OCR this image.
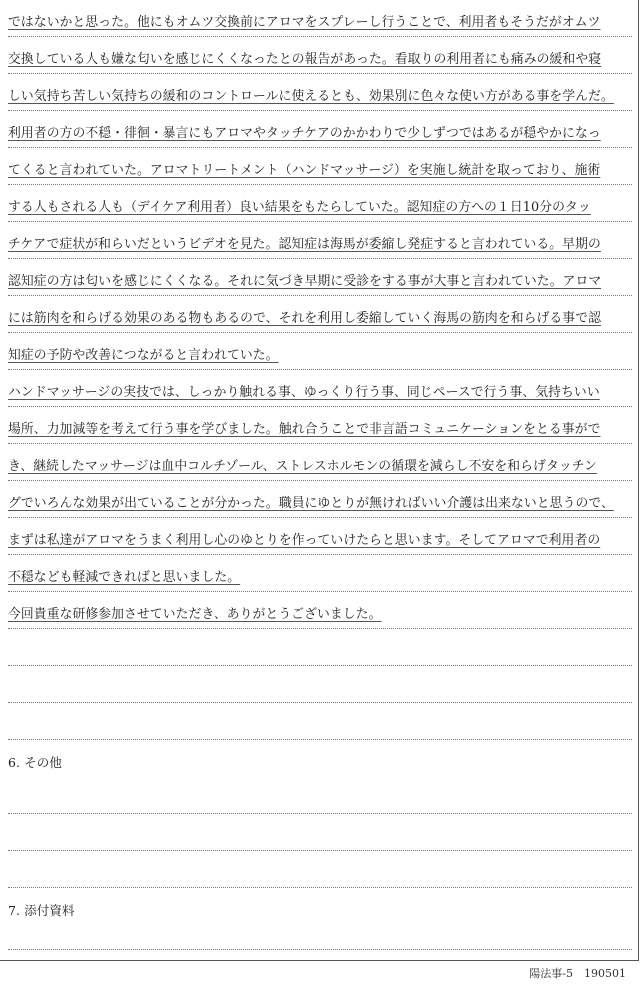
ではないかと思った。他にもオムツ交換前にアロマをスプレーし行うことで、利用者もそうだがオムツ
交換している人も嫌な匂いを感じにくくなったとの報告があった。看取りの利用者にも痛みの緩和や寝
しい気持ち苦しい気持ちの緩和のコントロールに使えるとも、効果別に色々な使い方がある事を学んだ。
利用者の方の不穏・徘徊・暴言にもアロマやタッチケアのかかわりで少しずつではあるが穏やかになっ
てくると言われていた。アロマトリートメント（ハンドマッサージ）を実施し統計を取っており、施術
する人もされる人も（デイケア利用者）良い結果をもたらしていた。認知症の方への１日10分のタッ
チケアで症状が和らいだというビデオを見た。認知症は海馬が委縮し発症すると言われている。早期の
認知症の方は匂いを感じにくくなる。それに気づき早期に受診をする事が大事と言われていた。アロマ
には筋肉を和らげる効果のある物もあるので、それを利用し委縮していく海馬の筋肉を和らげる事で認
知症の予防や改善につながると言われていた。
ハンドマッサージの実技では、しっかり触れる事、ゆっくり行う事、同じペースで行う事、気持ちいい
場所、力加減等を考えて行う事を学びました。触れ合うことで非言語コミュニケーションをとる事がで
き、継続したマッサージは血中コルチゾール、ストレスホルモンの循環を減らし不安を和らげタッチン
グでいろんな効果が出ていることが分かった。職員にゆとりが無ければいい介護は出来ないと思うので、
まずは私達がアロマをうまく利用し心のゆとりを作っていけたらと思います。そしてアロマで利用者の
不穏なども軽減できればと思いました。
今回貴重な研修参加させていただき、ありがとうございました。
6. その他
7. 添付資料
陽法事-5　190501
